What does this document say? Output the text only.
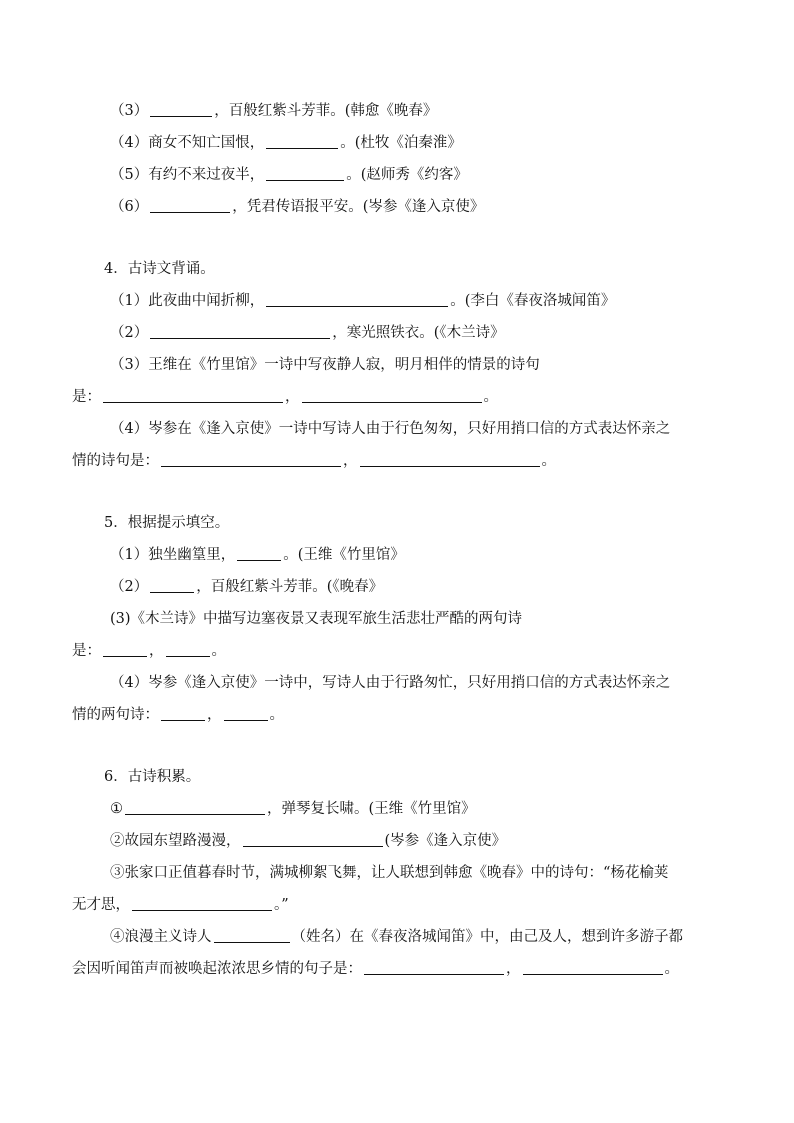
（3）	，百般红紫斗芳菲。(韩愈《晚春》
（4）商女不知亡国恨，	。(杜牧《泊秦淮》
（5）有约不来过夜半，	。(赵师秀《约客》
（6）	，凭君传语报平安。(岑参《逢入京使》
4．古诗文背诵。
（1）此夜曲中闻折柳，	。(李白《春夜洛城闻笛》
（2）	，寒光照铁衣。(《木兰诗》
（3）王维在《竹里馆》一诗中写夜静人寂，明月相伴的情景的诗句
是：	，	。
（4）岑参在《逢入京使》一诗中写诗人由于行色匆匆，只好用捎口信的方式表达怀亲之
情的诗句是：	，	。
5．根据提示填空。
（1）独坐幽篁里，	。(王维《竹里馆》
（2）	，百般红紫斗芳菲。(《晚春》
(3)《木兰诗》中描写边塞夜景又表现军旅生活悲壮严酷的两句诗
是：	，	。
（4）岑参《逢入京使》一诗中，写诗人由于行路匆忙，只好用捎口信的方式表达怀亲之
情的两句诗：	，	。
6．古诗积累。
①	，弹琴复长啸。(王维《竹里馆》
②故园东望路漫漫，	(岑参《逢入京使》
③张家口正值暮春时节，满城柳絮飞舞，让人联想到韩愈《晚春》中的诗句：“杨花榆荚
无才思，	。”
④浪漫主义诗人	（姓名）在《春夜洛城闻笛》中，由己及人，想到许多游子都
会因听闻笛声而被唤起浓浓思乡情的句子是：	，	。
